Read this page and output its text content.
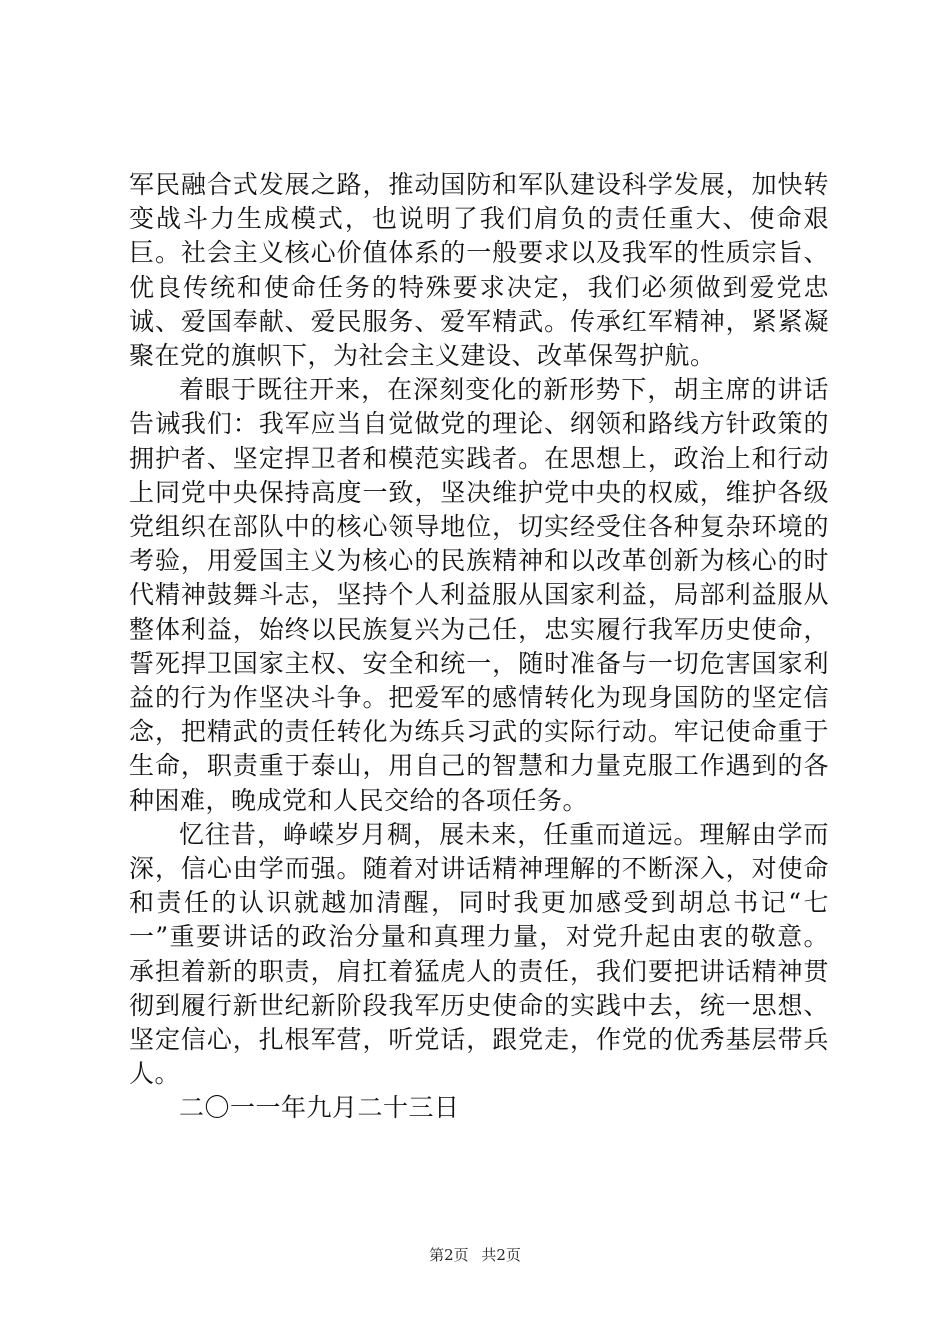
军民融合式发展之路，推动国防和军队建设科学发展，加快转变战斗力生成模式，也说明了我们肩负的责任重大、使命艰巨。社会主义核心价值体系的一般要求以及我军的性质宗旨、优良传统和使命任务的特殊要求决定，我们必须做到爱党忠诚、爱国奉献、爱民服务、爱军精武。传承红军精神，紧紧凝聚在党的旗帜下，为社会主义建设、改革保驾护航。

着眼于既往开来，在深刻变化的新形势下，胡主席的讲话告诫我们：我军应当自觉做党的理论、纲领和路线方针政策的拥护者、坚定捍卫者和模范实践者。在思想上，政治上和行动上同党中央保持高度一致，坚决维护党中央的权威，维护各级党组织在部队中的核心领导地位，切实经受住各种复杂环境的考验，用爱国主义为核心的民族精神和以改革创新为核心的时代精神鼓舞斗志，坚持个人利益服从国家利益，局部利益服从整体利益，始终以民族复兴为己任，忠实履行我军历史使命，誓死捍卫国家主权、安全和统一，随时准备与一切危害国家利益的行为作坚决斗争。把爱军的感情转化为现身国防的坚定信念，把精武的责任转化为练兵习武的实际行动。牢记使命重于生命，职责重于泰山，用自己的智慧和力量克服工作遇到的各种困难，晚成党和人民交给的各项任务。

忆往昔，峥嵘岁月稠，展未来，任重而道远。理解由学而深，信心由学而强。随着对讲话精神理解的不断深入，对使命和责任的认识就越加清醒，同时我更加感受到胡总书记“七一”重要讲话的政治分量和真理力量，对党升起由衷的敬意。承担着新的职责，肩扛着猛虎人的责任，我们要把讲话精神贯彻到履行新世纪新阶段我军历史使命的实践中去，统一思想、坚定信心，扎根军营，听党话，跟党走，作党的优秀基层带兵人。

二〇一一年九月二十三日

第2页 共2页
